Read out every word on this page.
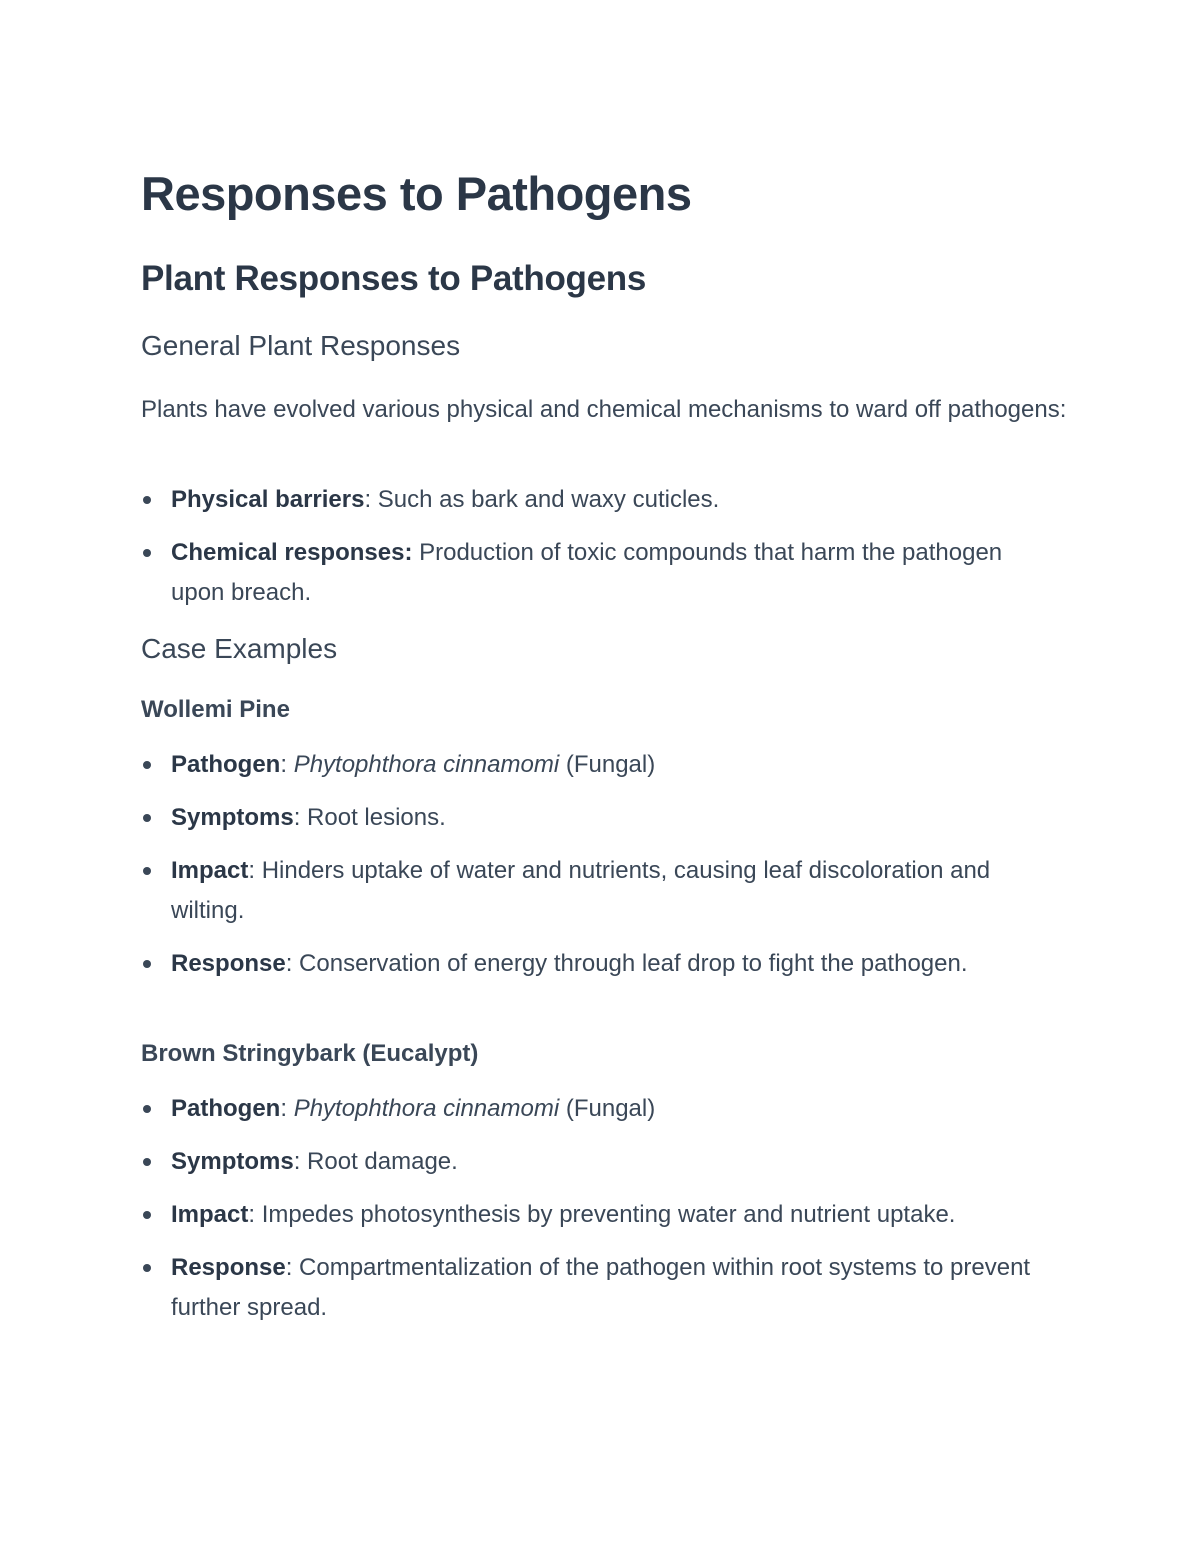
Responses to Pathogens
Plant Responses to Pathogens
General Plant Responses

Plants have evolved various physical and chemical mechanisms to ward off pathogens:

Physical barriers: Such as bark and waxy cuticles.
Chemical responses: Production of toxic compounds that harm the pathogen upon breach.
Case Examples
Wollemi Pine
Pathogen: Phytophthora cinnamomi (Fungal)
Symptoms: Root lesions.
Impact: Hinders uptake of water and nutrients, causing leaf discoloration and wilting.
Response: Conservation of energy through leaf drop to fight the pathogen.
Brown Stringybark (Eucalypt)
Pathogen: Phytophthora cinnamomi (Fungal)
Symptoms: Root damage.
Impact: Impedes photosynthesis by preventing water and nutrient uptake.
Response: Compartmentalization of the pathogen within root systems to prevent further spread.
